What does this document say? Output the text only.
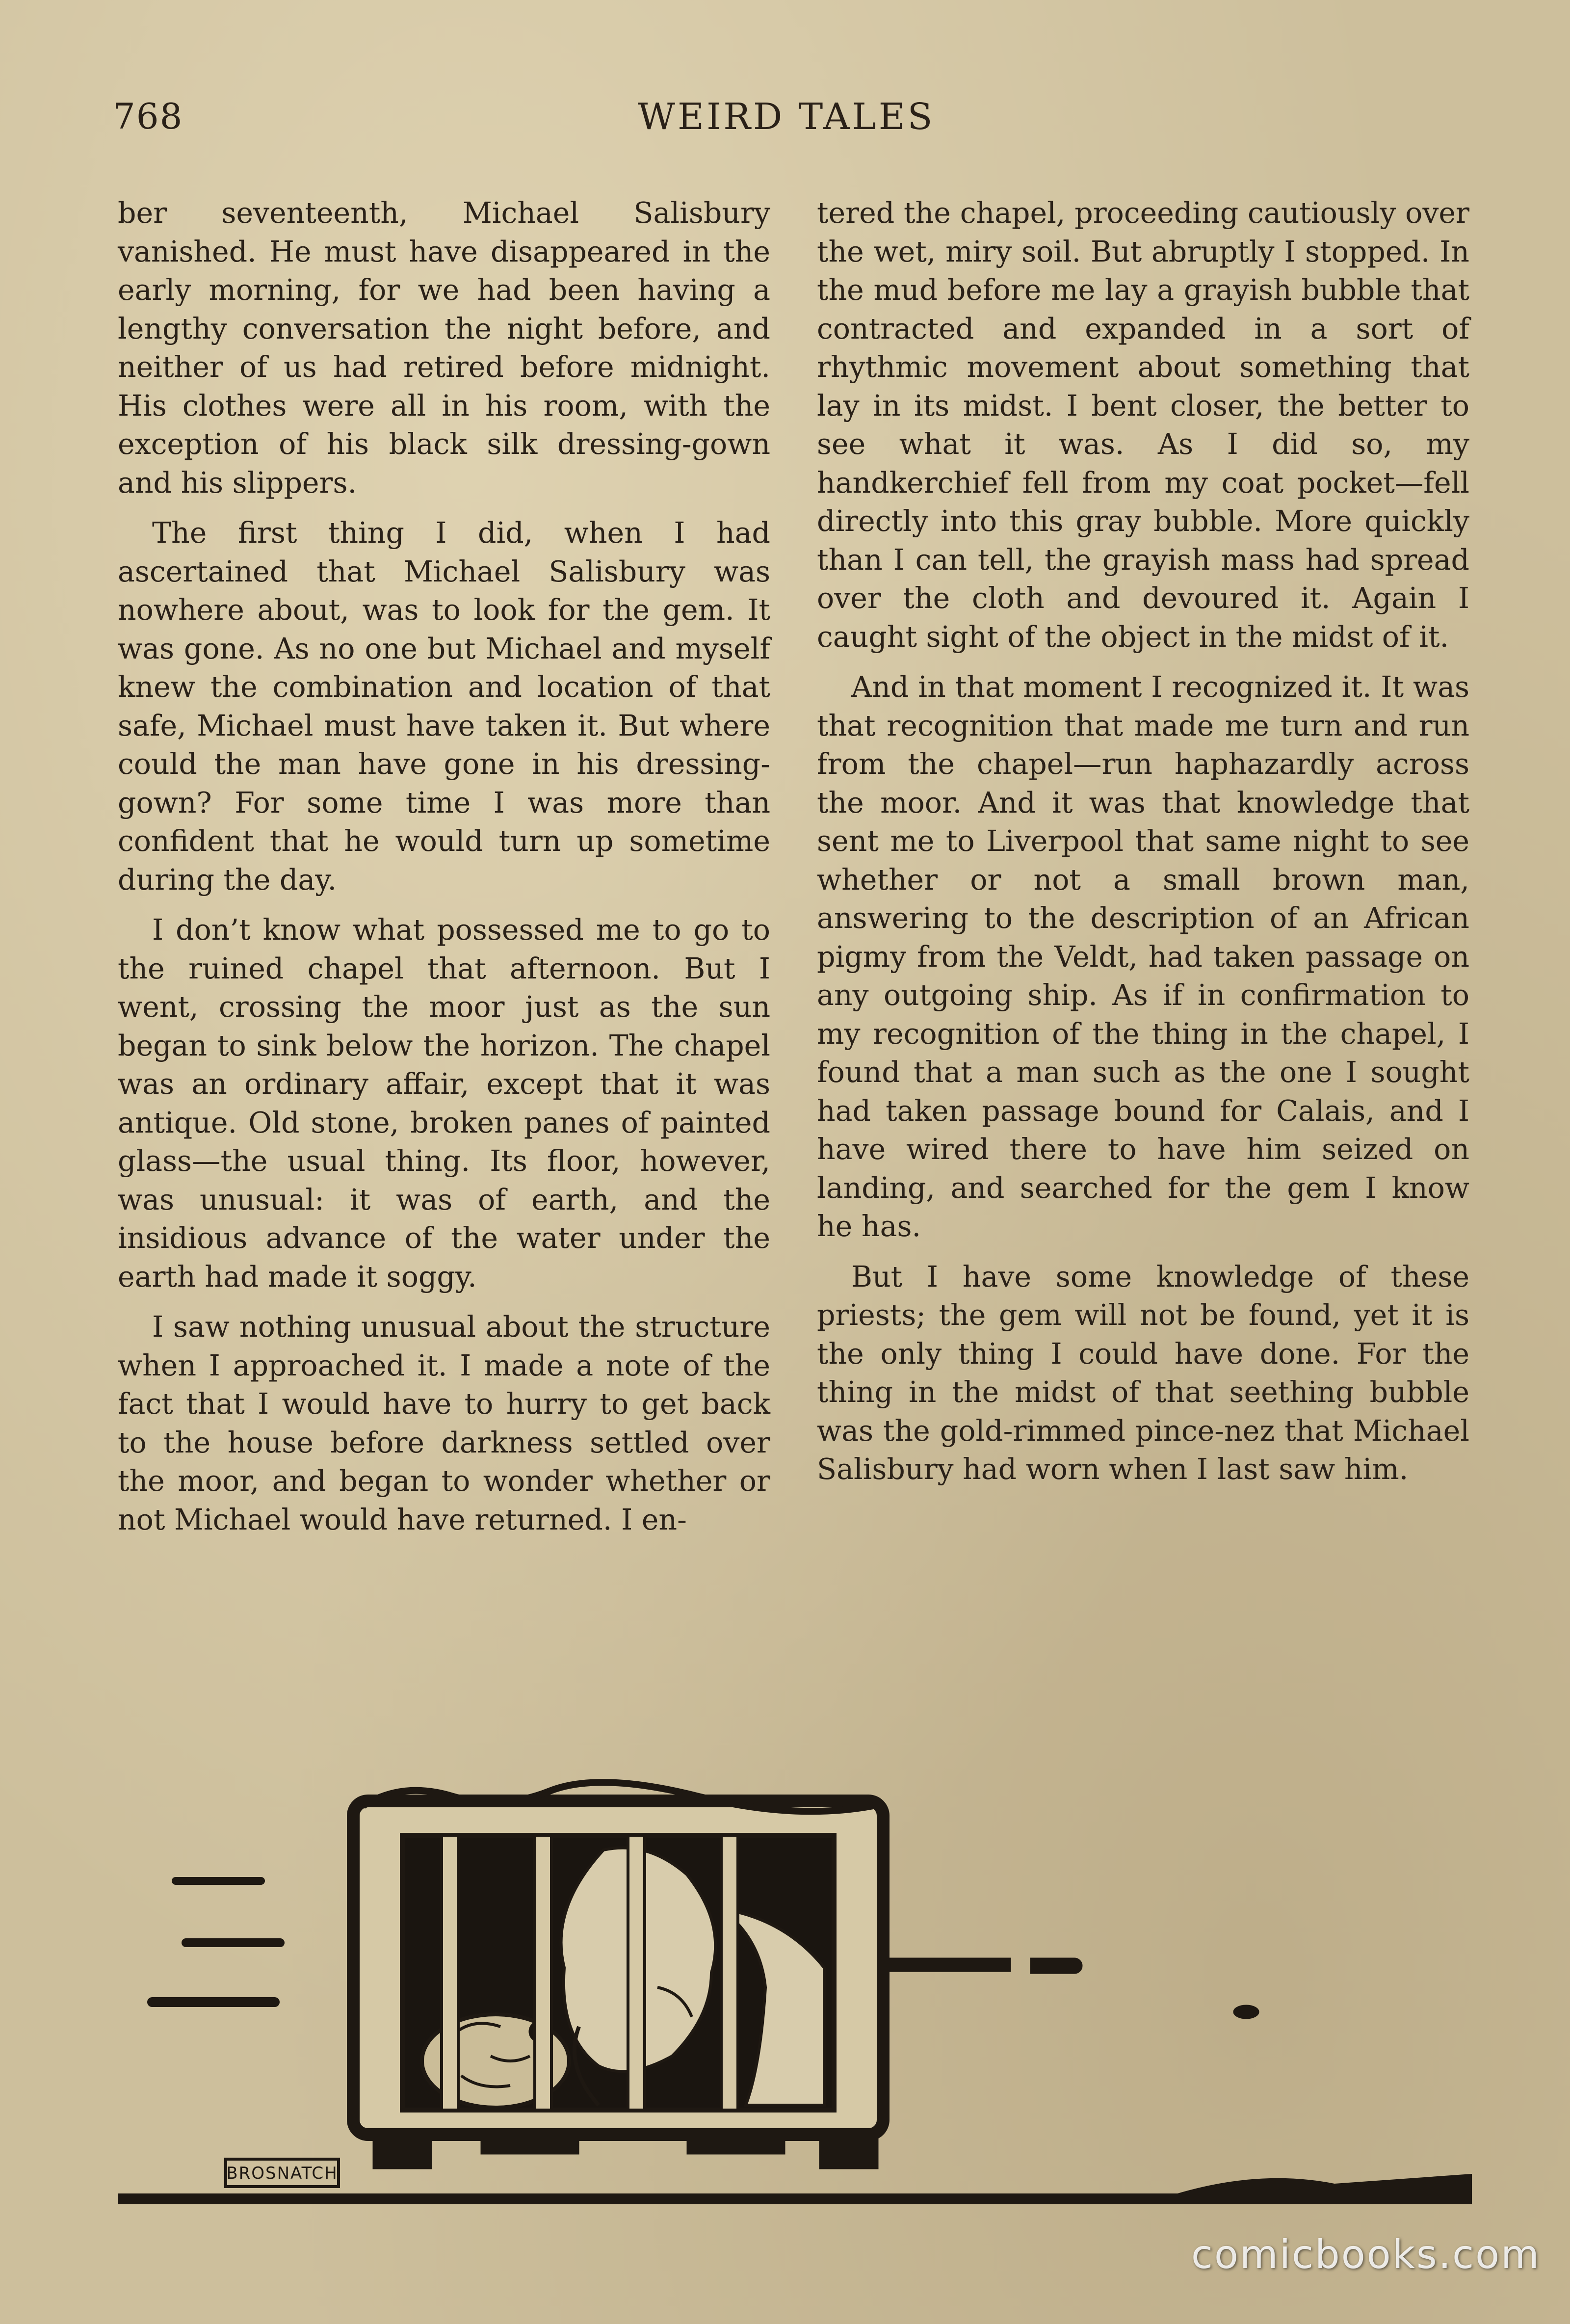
768	WEIRD TALES

ber seventeenth, Michael Salisbury vanished. He must have disappeared in the early morning, for we had been having a lengthy conversation the night before, and neither of us had retired before midnight. His clothes were all in his room, with the exception of his black silk dressing-gown and his slippers.

The first thing I did, when I had ascertained that Michael Salisbury was nowhere about, was to look for the gem. It was gone. As no one but Michael and myself knew the combination and location of that safe, Michael must have taken it. But where could the man have gone in his dressing-gown? For some time I was more than confident that he would turn up sometime during the day.

I don’t know what possessed me to go to the ruined chapel that afternoon. But I went, crossing the moor just as the sun began to sink below the horizon. The chapel was an ordinary affair, except that it was antique. Old stone, broken panes of painted glass—the usual thing. Its floor, however, was unusual: it was of earth, and the insidious advance of the water under the earth had made it soggy.

I saw nothing unusual about the structure when I approached it. I made a note of the fact that I would have to hurry to get back to the house before darkness settled over the moor, and began to wonder whether or not Michael would have returned. I en-

tered the chapel, proceeding cautiously over the wet, miry soil. But abruptly I stopped. In the mud before me lay a grayish bubble that contracted and expanded in a sort of rhythmic movement about something that lay in its midst. I bent closer, the better to see what it was. As I did so, my handkerchief fell from my coat pocket—fell directly into this gray bubble. More quickly than I can tell, the grayish mass had spread over the cloth and devoured it. Again I caught sight of the object in the midst of it.

And in that moment I recognized it. It was that recognition that made me turn and run from the chapel—run haphazardly across the moor. And it was that knowledge that sent me to Liverpool that same night to see whether or not a small brown man, answering to the description of an African pigmy from the Veldt, had taken passage on any outgoing ship. As if in confirmation to my recognition of the thing in the chapel, I found that a man such as the one I sought had taken passage bound for Calais, and I have wired there to have him seized on landing, and searched for the gem I know he has.

But I have some knowledge of these priests; the gem will not be found, yet it is the only thing I could have done. For the thing in the midst of that seething bubble was the gold-rimmed pince-nez that Michael Salisbury had worn when I last saw him.

BROSNATCH
comicbooks.com
